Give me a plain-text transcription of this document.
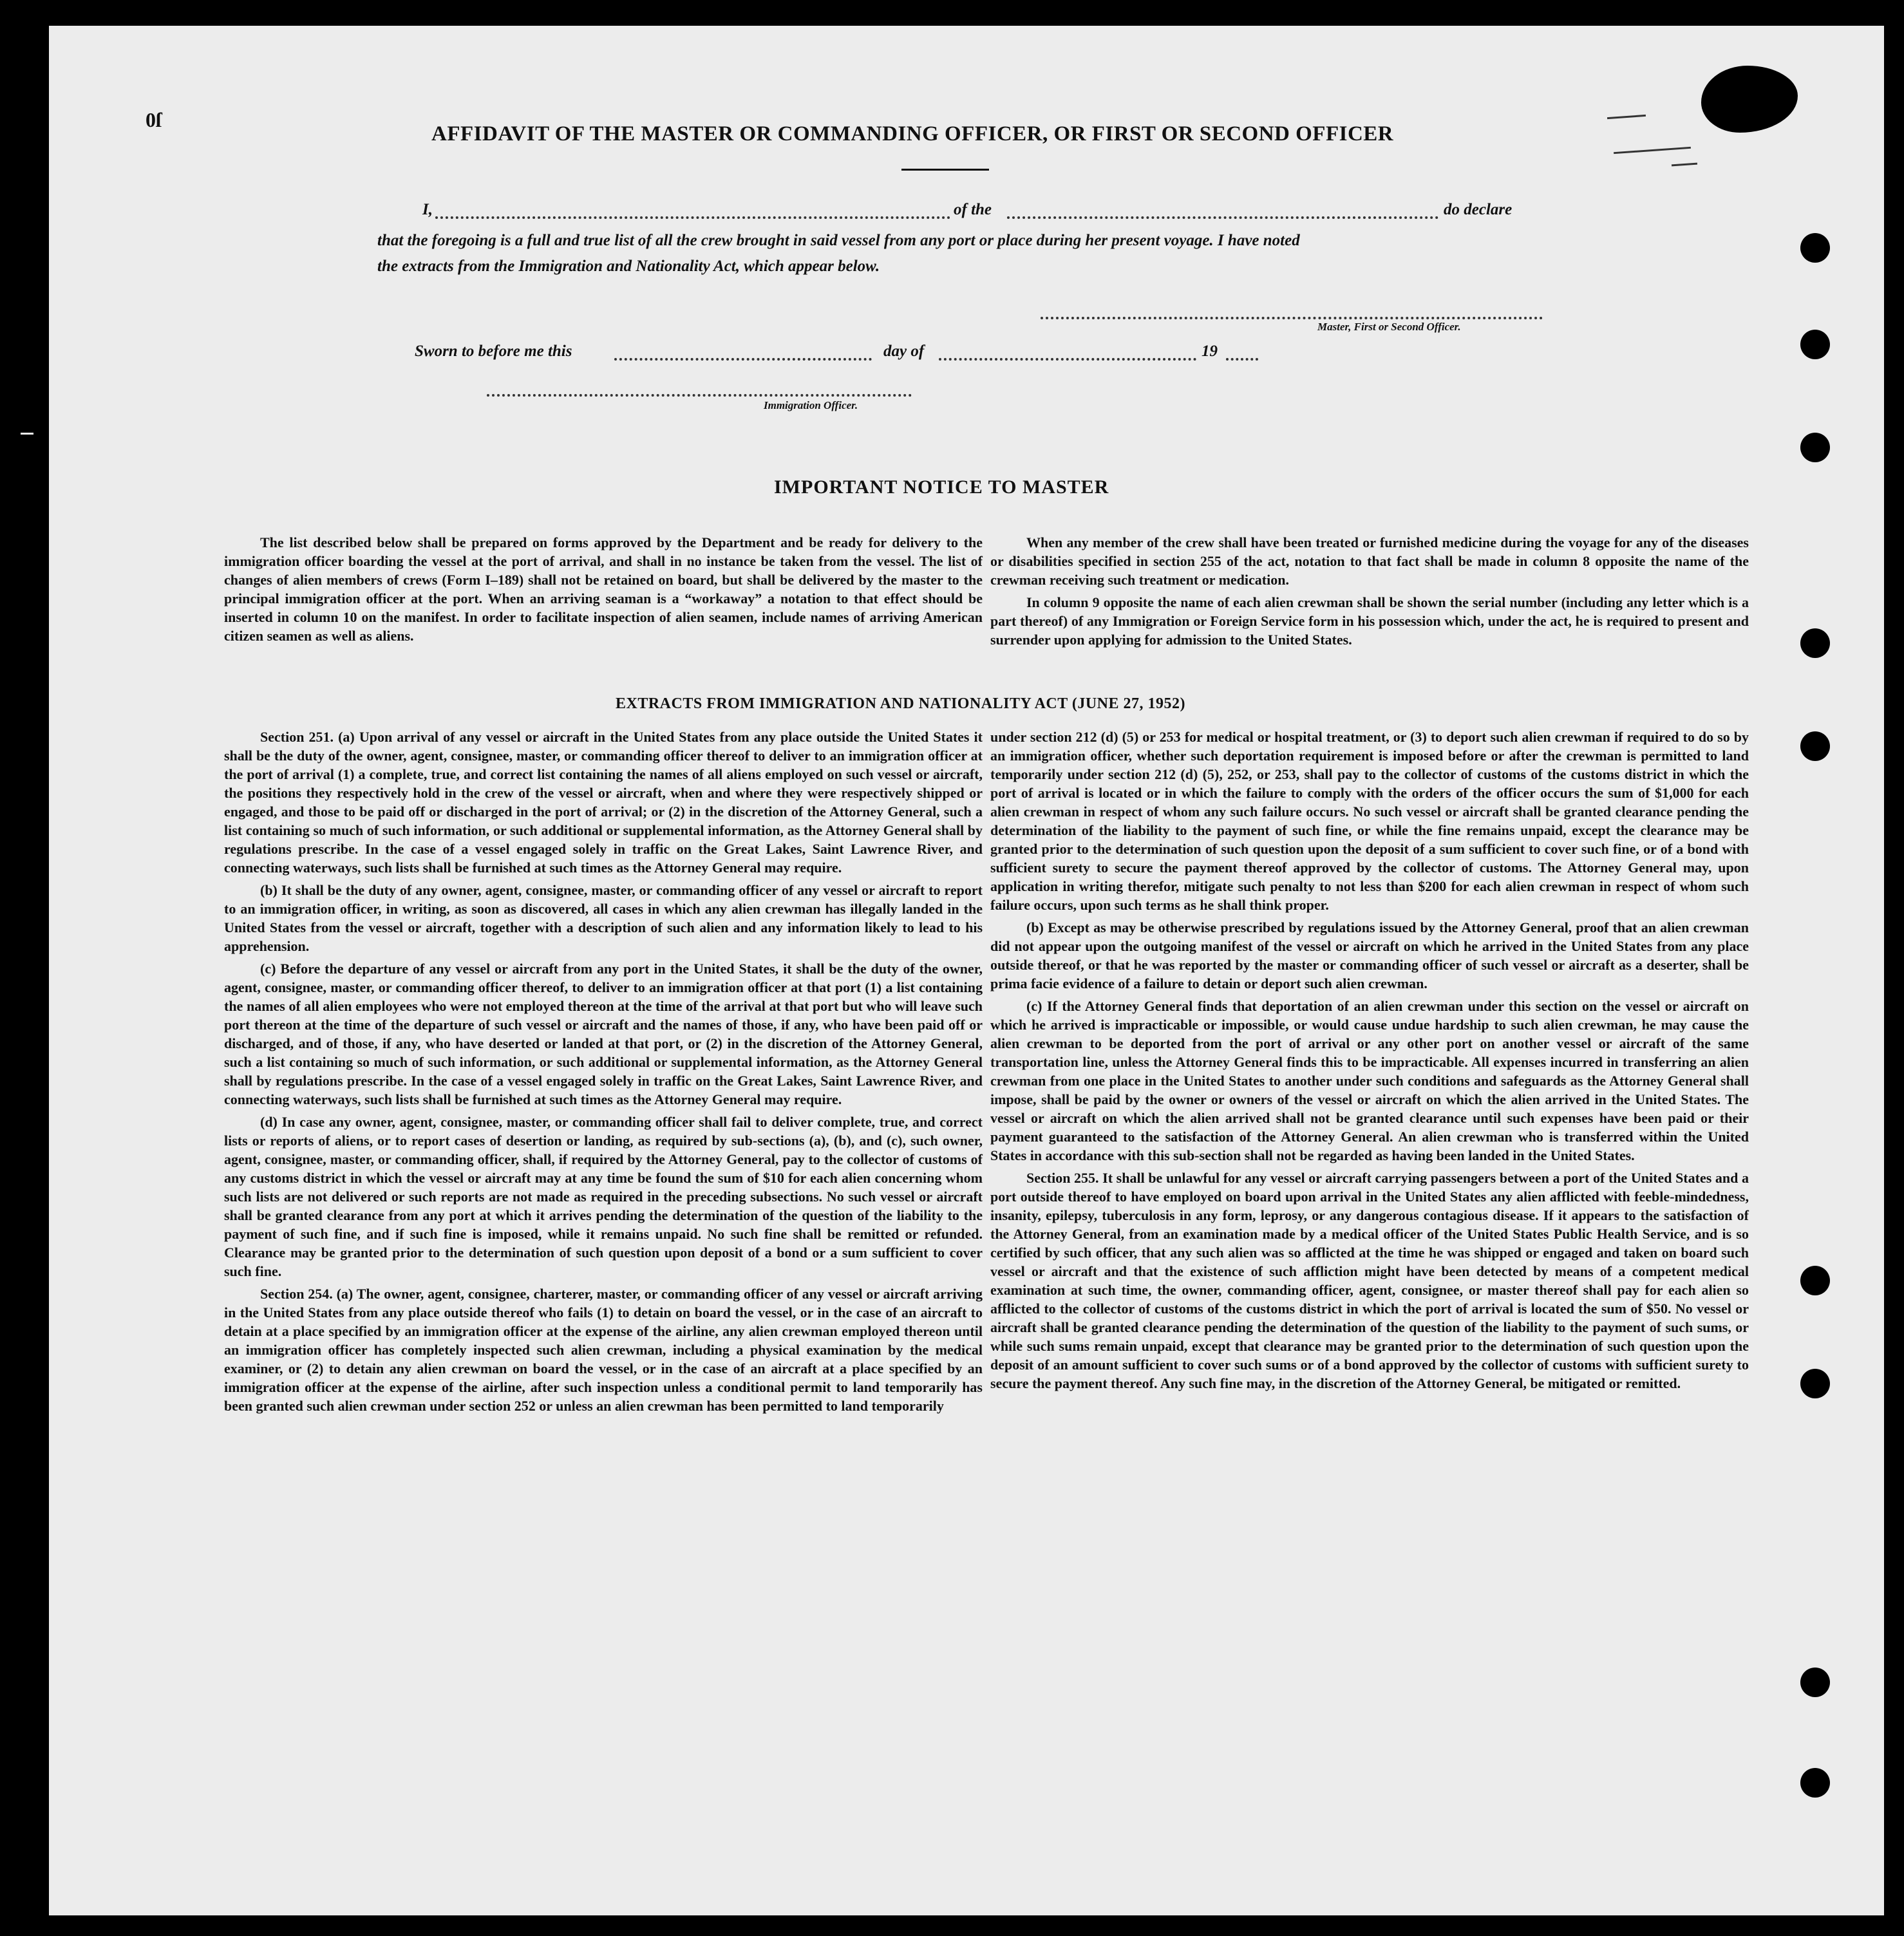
0ſ
AFFIDAVIT OF THE MASTER OR COMMANDING OFFICER, OR FIRST OR SECOND OFFICER
I,	of the	do declare
that the foregoing is a full and true list of all the crew brought in said vessel from any port or place during her present voyage. I have noted
the extracts from the Immigration and Nationality Act, which appear below.
Master, First or Second Officer.
Sworn to before me this	day of	19
Immigration Officer.
IMPORTANT NOTICE TO MASTER

The list described below shall be prepared on forms approved by the Department and be ready for delivery to the immigration officer boarding the vessel at the port of arrival, and shall in no instance be taken from the vessel. The list of changes of alien members of crews (Form I–189) shall not be retained on board, but shall be delivered by the master to the principal immigration officer at the port. When an arriving seaman is a “workaway” a notation to that effect should be inserted in column 10 on the manifest. In order to facilitate inspection of alien seamen, include names of arriving American citizen seamen as well as aliens.

When any member of the crew shall have been treated or furnished medicine during the voyage for any of the diseases or disabilities specified in section 255 of the act, notation to that fact shall be made in column 8 opposite the name of the crewman receiving such treatment or medication.

In column 9 opposite the name of each alien crewman shall be shown the serial number (including any letter which is a part thereof) of any Immigration or Foreign Service form in his possession which, under the act, he is required to present and surrender upon applying for admission to the United States.

EXTRACTS FROM IMMIGRATION AND NATIONALITY ACT (JUNE 27, 1952)

Section 251. (a) Upon arrival of any vessel or aircraft in the United States from any place outside the United States it shall be the duty of the owner, agent, consignee, master, or commanding officer thereof to deliver to an immigration officer at the port of arrival (1) a complete, true, and correct list containing the names of all aliens employed on such vessel or aircraft, the positions they respectively hold in the crew of the vessel or aircraft, when and where they were respectively shipped or engaged, and those to be paid off or discharged in the port of arrival; or (2) in the discretion of the Attorney General, such a list containing so much of such information, or such additional or supplemental information, as the Attorney General shall by regulations prescribe. In the case of a vessel engaged solely in traffic on the Great Lakes, Saint Lawrence River, and connecting waterways, such lists shall be furnished at such times as the Attorney General may require.

(b) It shall be the duty of any owner, agent, consignee, master, or commanding officer of any vessel or aircraft to report to an immigration officer, in writing, as soon as discovered, all cases in which any alien crewman has illegally landed in the United States from the vessel or aircraft, together with a description of such alien and any information likely to lead to his apprehension.

(c) Before the departure of any vessel or aircraft from any port in the United States, it shall be the duty of the owner, agent, consignee, master, or commanding officer thereof, to deliver to an immigration officer at that port (1) a list containing the names of all alien employees who were not employed thereon at the time of the arrival at that port but who will leave such port thereon at the time of the departure of such vessel or aircraft and the names of those, if any, who have been paid off or discharged, and of those, if any, who have deserted or landed at that port, or (2) in the discretion of the Attorney General, such a list containing so much of such information, or such additional or supplemental information, as the Attorney General shall by regulations prescribe. In the case of a vessel engaged solely in traffic on the Great Lakes, Saint Lawrence River, and connecting waterways, such lists shall be furnished at such times as the Attorney General may require.

(d) In case any owner, agent, consignee, master, or commanding officer shall fail to deliver complete, true, and correct lists or reports of aliens, or to report cases of desertion or landing, as required by sub-sections (a), (b), and (c), such owner, agent, consignee, master, or commanding officer, shall, if required by the Attorney General, pay to the collector of customs of any customs district in which the vessel or aircraft may at any time be found the sum of $10 for each alien concerning whom such lists are not delivered or such reports are not made as required in the preceding subsections. No such vessel or aircraft shall be granted clearance from any port at which it arrives pending the determination of the question of the liability to the payment of such fine, and if such fine is imposed, while it remains unpaid. No such fine shall be remitted or refunded. Clearance may be granted prior to the determination of such question upon deposit of a bond or a sum sufficient to cover such fine.

Section 254. (a) The owner, agent, consignee, charterer, master, or commanding officer of any vessel or aircraft arriving in the United States from any place outside thereof who fails (1) to detain on board the vessel, or in the case of an aircraft to detain at a place specified by an immigration officer at the expense of the airline, any alien crewman employed thereon until an immigration officer has completely inspected such alien crewman, including a physical examination by the medical examiner, or (2) to detain any alien crewman on board the vessel, or in the case of an aircraft at a place specified by an immigration officer at the expense of the airline, after such inspection unless a conditional permit to land temporarily has been granted such alien crewman under section 252 or unless an alien crewman has been permitted to land temporarily

under section 212 (d) (5) or 253 for medical or hospital treatment, or (3) to deport such alien crewman if required to do so by an immigration officer, whether such deportation requirement is imposed before or after the crewman is permitted to land temporarily under section 212 (d) (5), 252, or 253, shall pay to the collector of customs of the customs district in which the port of arrival is located or in which the failure to comply with the orders of the officer occurs the sum of $1,000 for each alien crewman in respect of whom any such failure occurs. No such vessel or aircraft shall be granted clearance pending the determination of the liability to the payment of such fine, or while the fine remains unpaid, except the clearance may be granted prior to the determination of such question upon the deposit of a sum sufficient to cover such fine, or of a bond with sufficient surety to secure the payment thereof approved by the collector of customs. The Attorney General may, upon application in writing therefor, mitigate such penalty to not less than $200 for each alien crewman in respect of whom such failure occurs, upon such terms as he shall think proper.

(b) Except as may be otherwise prescribed by regulations issued by the Attorney General, proof that an alien crewman did not appear upon the outgoing manifest of the vessel or aircraft on which he arrived in the United States from any place outside thereof, or that he was reported by the master or commanding officer of such vessel or aircraft as a deserter, shall be prima facie evidence of a failure to detain or deport such alien crewman.

(c) If the Attorney General finds that deportation of an alien crewman under this section on the vessel or aircraft on which he arrived is impracticable or impossible, or would cause undue hardship to such alien crewman, he may cause the alien crewman to be deported from the port of arrival or any other port on another vessel or aircraft of the same transportation line, unless the Attorney General finds this to be impracticable. All expenses incurred in transferring an alien crewman from one place in the United States to another under such conditions and safeguards as the Attorney General shall impose, shall be paid by the owner or owners of the vessel or aircraft on which the alien arrived in the United States. The vessel or aircraft on which the alien arrived shall not be granted clearance until such expenses have been paid or their payment guaranteed to the satisfaction of the Attorney General. An alien crewman who is transferred within the United States in accordance with this sub-section shall not be regarded as having been landed in the United States.

Section 255. It shall be unlawful for any vessel or aircraft carrying passengers between a port of the United States and a port outside thereof to have employed on board upon arrival in the United States any alien afflicted with feeble-mindedness, insanity, epilepsy, tuberculosis in any form, leprosy, or any dangerous contagious disease. If it appears to the satisfaction of the Attorney General, from an examination made by a medical officer of the United States Public Health Service, and is so certified by such officer, that any such alien was so afflicted at the time he was shipped or engaged and taken on board such vessel or aircraft and that the existence of such affliction might have been detected by means of a competent medical examination at such time, the owner, commanding officer, agent, consignee, or master thereof shall pay for each alien so afflicted to the collector of customs of the customs district in which the port of arrival is located the sum of $50. No vessel or aircraft shall be granted clearance pending the determination of the question of the liability to the payment of such sums, or while such sums remain unpaid, except that clearance may be granted prior to the determination of such question upon the deposit of an amount sufficient to cover such sums or of a bond approved by the collector of customs with sufficient surety to secure the payment thereof. Any such fine may, in the discretion of the Attorney General, be mitigated or remitted.
